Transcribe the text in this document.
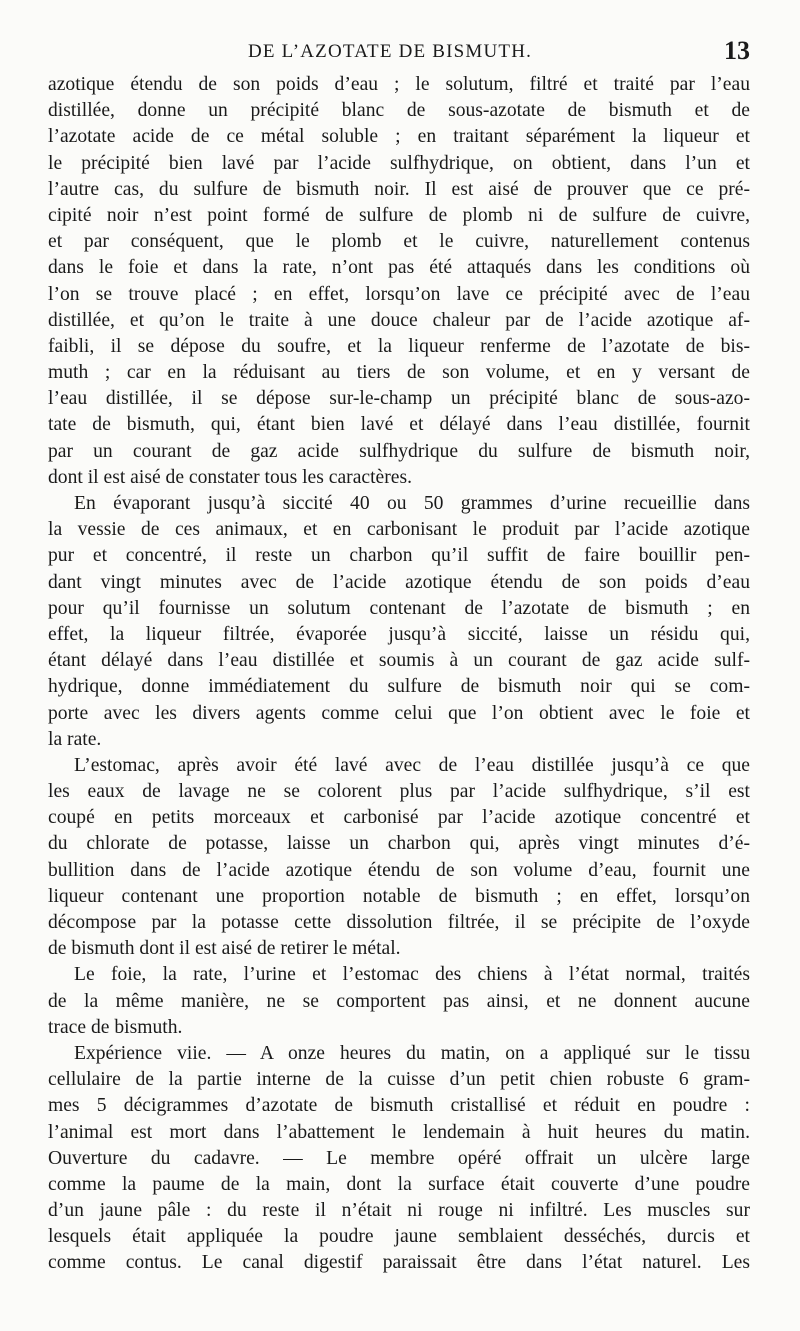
DE L’AZOTATE DE BISMUTH.	13
azotique étendu de son poids d’eau ; le solutum, filtré et traité par l’eau
distillée, donne un précipité blanc de sous-azotate de bismuth et de
l’azotate acide de ce métal soluble ; en traitant séparément la liqueur et
le précipité bien lavé par l’acide sulfhydrique, on obtient, dans l’un et
l’autre cas, du sulfure de bismuth noir. Il est aisé de prouver que ce pré-
cipité noir n’est point formé de sulfure de plomb ni de sulfure de cuivre,
et par conséquent, que le plomb et le cuivre, naturellement contenus
dans le foie et dans la rate, n’ont pas été attaqués dans les conditions où
l’on se trouve placé ; en effet, lorsqu’on lave ce précipité avec de l’eau
distillée, et qu’on le traite à une douce chaleur par de l’acide azotique af-
faibli, il se dépose du soufre, et la liqueur renferme de l’azotate de bis-
muth ; car en la réduisant au tiers de son volume, et en y versant de
l’eau distillée, il se dépose sur-le-champ un précipité blanc de sous-azo-
tate de bismuth, qui, étant bien lavé et délayé dans l’eau distillée, fournit
par un courant de gaz acide sulfhydrique du sulfure de bismuth noir,
dont il est aisé de constater tous les caractères.
En évaporant jusqu’à siccité 40 ou 50 grammes d’urine recueillie dans
la vessie de ces animaux, et en carbonisant le produit par l’acide azotique
pur et concentré, il reste un charbon qu’il suffit de faire bouillir pen-
dant vingt minutes avec de l’acide azotique étendu de son poids d’eau
pour qu’il fournisse un solutum contenant de l’azotate de bismuth ; en
effet, la liqueur filtrée, évaporée jusqu’à siccité, laisse un résidu qui,
étant délayé dans l’eau distillée et soumis à un courant de gaz acide sulf-
hydrique, donne immédiatement du sulfure de bismuth noir qui se com-
porte avec les divers agents comme celui que l’on obtient avec le foie et
la rate.
L’estomac, après avoir été lavé avec de l’eau distillée jusqu’à ce que
les eaux de lavage ne se colorent plus par l’acide sulfhydrique, s’il est
coupé en petits morceaux et carbonisé par l’acide azotique concentré et
du chlorate de potasse, laisse un charbon qui, après vingt minutes d’é-
bullition dans de l’acide azotique étendu de son volume d’eau, fournit une
liqueur contenant une proportion notable de bismuth ; en effet, lorsqu’on
décompose par la potasse cette dissolution filtrée, il se précipite de l’oxyde
de bismuth dont il est aisé de retirer le métal.
Le foie, la rate, l’urine et l’estomac des chiens à l’état normal, traités
de la même manière, ne se comportent pas ainsi, et ne donnent aucune
trace de bismuth.
Expérience viie. — A onze heures du matin, on a appliqué sur le tissu
cellulaire de la partie interne de la cuisse d’un petit chien robuste 6 gram-
mes 5 décigrammes d’azotate de bismuth cristallisé et réduit en poudre :
l’animal est mort dans l’abattement le lendemain à huit heures du matin.
Ouverture du cadavre. — Le membre opéré offrait un ulcère large
comme la paume de la main, dont la surface était couverte d’une poudre
d’un jaune pâle : du reste il n’était ni rouge ni infiltré. Les muscles sur
lesquels était appliquée la poudre jaune semblaient desséchés, durcis et
comme contus. Le canal digestif paraissait être dans l’état naturel. Les
